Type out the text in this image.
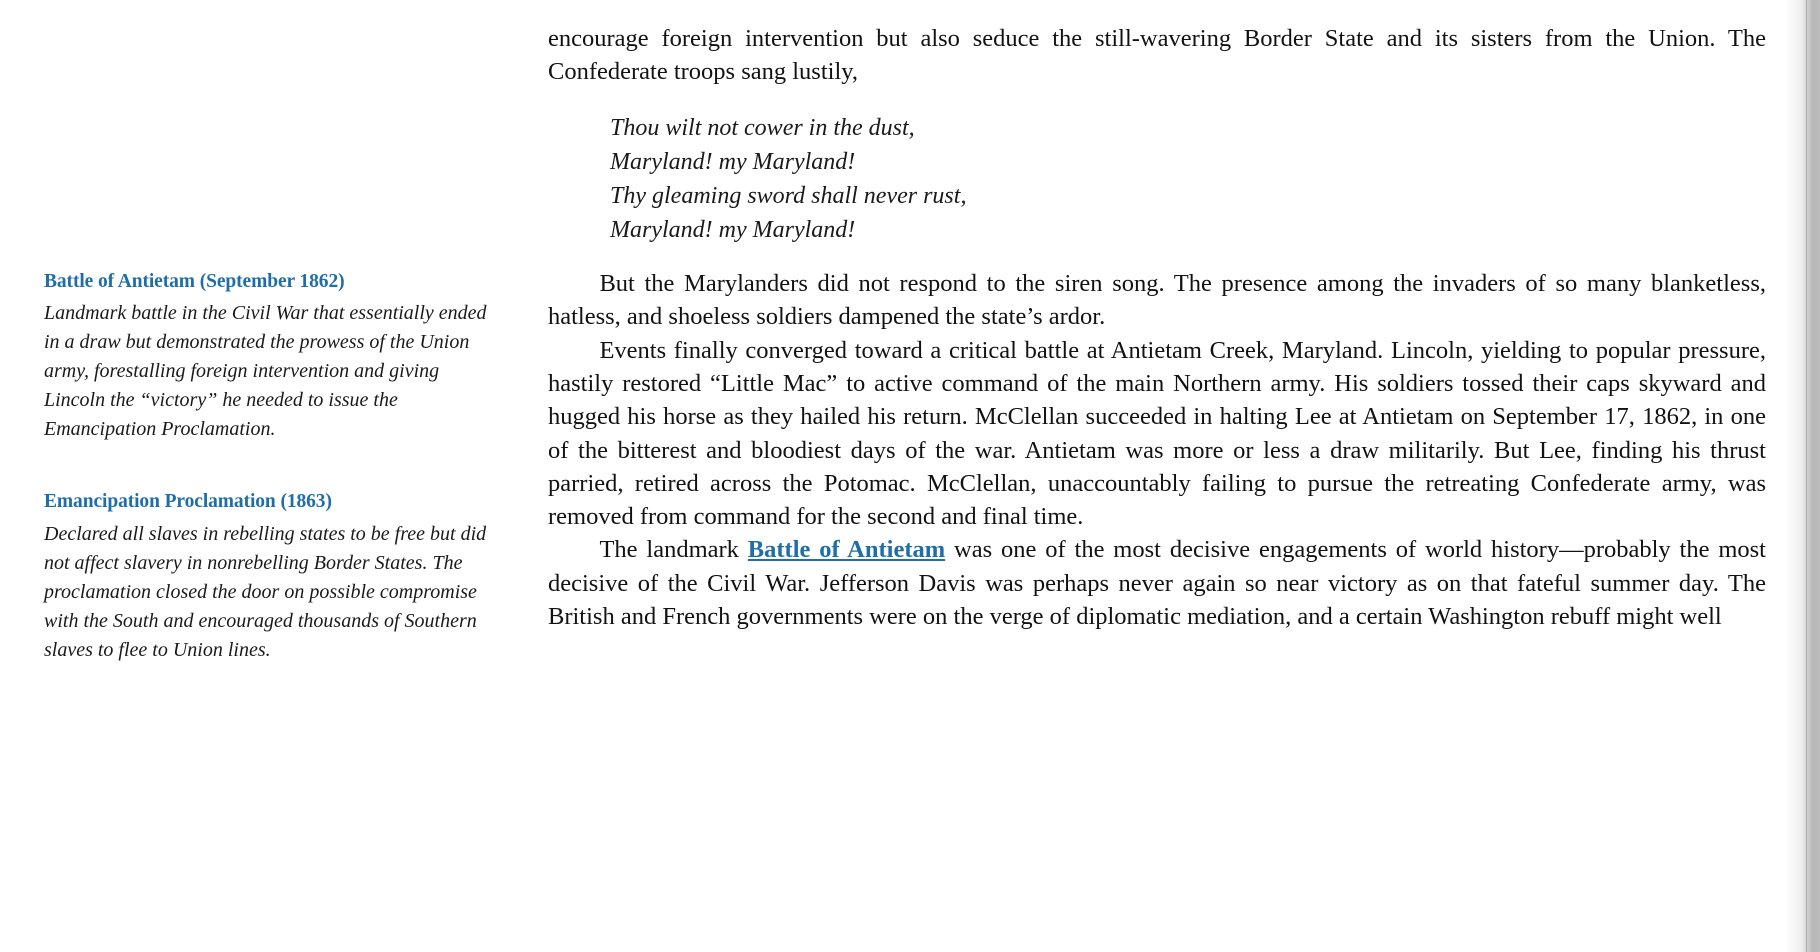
Battle of Antietam (September 1862)

Landmark battle in the Civil War that essentially ended in a draw but demonstrated the prowess of the Union army, forestalling foreign intervention and giving Lincoln the “victory” he needed to issue the Emancipation Proclamation.

Emancipation Proclamation (1863)

Declared all slaves in rebelling states to be free but did not affect slavery in nonrebelling Border States. The proclamation closed the door on possible compromise with the South and encouraged thousands of Southern slaves to flee to Union lines.

encourage foreign intervention but also seduce the still-wavering Border State and its sisters from the Union. The Confederate troops sang lustily,

Thou wilt not cower in the dust,
Maryland! my Maryland!
Thy gleaming sword shall never rust,
Maryland! my Maryland!

But the Marylanders did not respond to the siren song. The presence among the invaders of so many blanketless, hatless, and shoeless soldiers dampened the state’s ardor.

Events finally converged toward a critical battle at Antietam Creek, Maryland. Lincoln, yielding to popular pressure, hastily restored “Little Mac” to active command of the main Northern army. His soldiers tossed their caps skyward and hugged his horse as they hailed his return. McClellan succeeded in halting Lee at Antietam on September 17, 1862, in one of the bitterest and bloodiest days of the war. Antietam was more or less a draw militarily. But Lee, finding his thrust parried, retired across the Potomac. McClellan, unaccountably failing to pursue the retreating Confederate army, was removed from command for the second and final time.

The landmark Battle of Antietam was one of the most decisive engagements of world history—probably the most decisive of the Civil War. Jefferson Davis was perhaps never again so near victory as on that fateful summer day. The British and French governments were on the verge of diplomatic mediation, and a certain Washington rebuff might well
